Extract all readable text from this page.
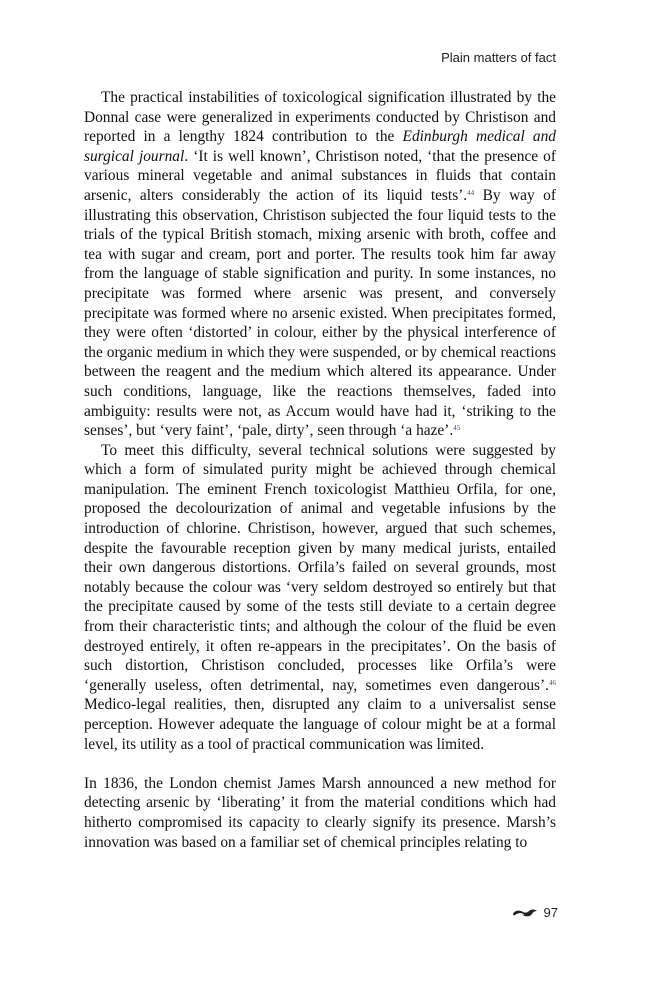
Plain matters of fact

The practical instabilities of toxicological signification illustrated by the Donnal case were generalized in experiments conducted by Christison and reported in a lengthy 1824 contribution to the Edinburgh medical and surgical journal. ‘It is well known’, Christison noted, ‘that the presence of various mineral vegetable and animal substances in fluids that contain arsenic, alters considerably the action of its liquid tests’.$^{44}$ By way of illustrating this observation, Christison subjected the four liquid tests to the trials of the typical British stomach, mixing arsenic with broth, coffee and tea with sugar and cream, port and porter. The results took him far away from the language of stable signification and purity. In some instances, no precipitate was formed where arsenic was present, and conversely precipitate was formed where no arsenic existed. When precipitates formed, they were often ‘distorted’ in colour, either by the physical interference of the organic medium in which they were suspended, or by chemical reactions between the reagent and the medium which altered its appearance. Under such conditions, language, like the reactions themselves, faded into ambiguity: results were not, as Accum would have had it, ‘striking to the senses’, but ‘very faint’, ‘pale, dirty’, seen through ‘a haze’.$^{45}$

To meet this difficulty, several technical solutions were suggested by which a form of simulated purity might be achieved through chemical manipulation. The eminent French toxicologist Matthieu Orfila, for one, proposed the decolourization of animal and vegetable infusions by the introduction of chlorine. Christison, however, argued that such schemes, despite the favourable reception given by many medical jurists, entailed their own dangerous distortions. Orfila’s failed on several grounds, most notably because the colour was ‘very seldom destroyed so entirely but that the precipitate caused by some of the tests still deviate to a certain degree from their characteristic tints; and although the colour of the fluid be even destroyed entirely, it often re-appears in the precipitates’. On the basis of such distortion, Christison concluded, processes like Orfila’s were ‘generally useless, often detrimental, nay, sometimes even dangerous’.$^{46}$ Medico-legal realities, then, disrupted any claim to a universalist sense perception. However adequate the language of colour might be at a formal level, its utility as a tool of practical communication was limited.

In 1836, the London chemist James Marsh announced a new method for detecting arsenic by ‘liberating’ it from the material conditions which had hitherto compromised its capacity to clearly signify its presence. Marsh’s innovation was based on a familiar set of chemical principles relating to

97
